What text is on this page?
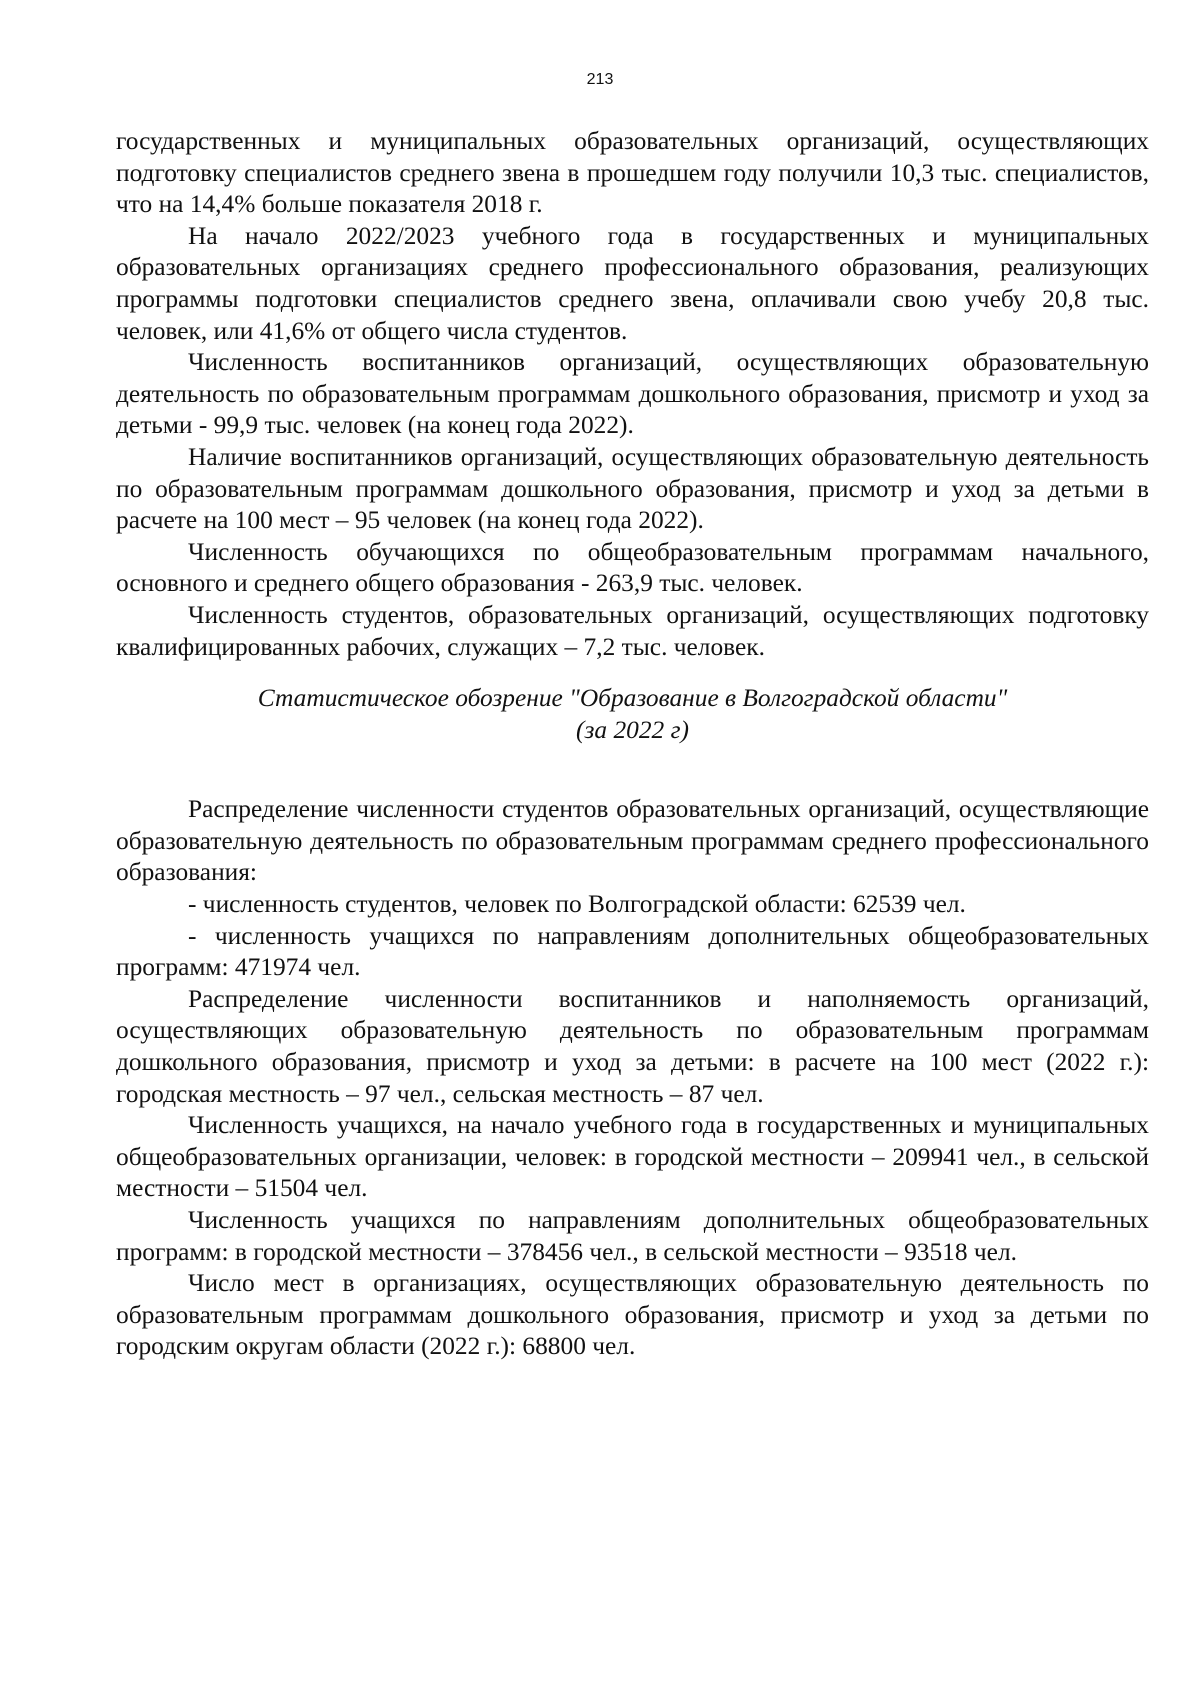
213

государственных и муниципальных образовательных организаций, осуществляющих подготовку специалистов среднего звена в прошедшем году получили 10,3 тыс. специалистов, что на 14,4% больше показателя 2018 г.

На начало 2022/2023 учебного года в государственных и муниципальных образовательных организациях среднего профессионального образования, реализующих программы подготовки специалистов среднего звена, оплачивали свою учебу 20,8 тыс. человек, или 41,6% от общего числа студентов.

Численность воспитанников организаций, осуществляющих образовательную деятельность по образовательным программам дошкольного образования, присмотр и уход за детьми - 99,9 тыс. человек (на конец года 2022).

Наличие воспитанников организаций, осуществляющих образовательную деятельность по образовательным программам дошкольного образования, присмотр и уход за детьми в расчете на 100 мест – 95 человек (на конец года 2022).

Численность обучающихся по общеобразовательным программам начального, основного и среднего общего образования - 263,9 тыс. человек.

Численность студентов, образовательных организаций, осуществляющих подготовку квалифицированных рабочих, служащих – 7,2 тыс. человек.

Статистическое обозрение "Образование в Волгоградской области"

(за 2022 г)

Распределение численности студентов образовательных организаций, осуществляющие образовательную деятельность по образовательным программам среднего профессионального образования:

- численность студентов, человек по Волгоградской области: 62539 чел.

- численность учащихся по направлениям дополнительных общеобразовательных программ: 471974 чел.

Распределение численности воспитанников и наполняемость организаций, осуществляющих образовательную деятельность по образовательным программам дошкольного образования, присмотр и уход за детьми: в расчете на 100 мест (2022 г.): городская местность – 97 чел., сельская местность – 87 чел.

Численность учащихся, на начало учебного года в государственных и муниципальных общеобразовательных организации, человек: в городской местности – 209941 чел., в сельской местности – 51504 чел.

Численность учащихся по направлениям дополнительных общеобразовательных программ: в городской местности – 378456 чел., в сельской местности – 93518 чел.

Число мест в организациях, осуществляющих образовательную деятельность по образовательным программам дошкольного образования, присмотр и уход за детьми по городским округам области (2022 г.): 68800 чел.
